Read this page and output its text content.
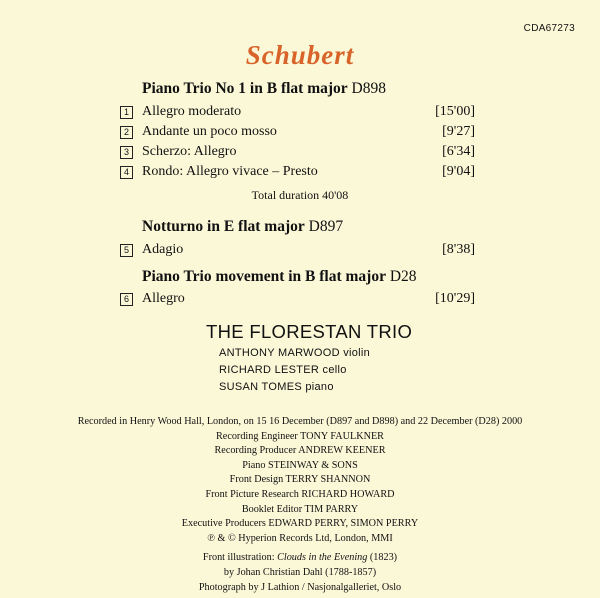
CDA67273
Schubert
Piano Trio No 1 in B flat major D898
1 Allegro moderato	[15'00]
2 Andante un poco mosso	[9'27]
3 Scherzo: Allegro	[6'34]
4 Rondo: Allegro vivace – Presto	[9'04]
Total duration 40'08
Notturno in E flat major D897
5 Adagio	[8'38]
Piano Trio movement in B flat major D28
6 Allegro	[10'29]
THE FLORESTAN TRIO
ANTHONY MARWOOD violin
RICHARD LESTER cello
SUSAN TOMES piano
Recorded in Henry Wood Hall, London, on 15 16 December (D897 and D898) and 22 December (D28) 2000
Recording Engineer TONY FAULKNER
Recording Producer ANDREW KEENER
Piano STEINWAY & SONS
Front Design TERRY SHANNON
Front Picture Research RICHARD HOWARD
Booklet Editor TIM PARRY
Executive Producers EDWARD PERRY, SIMON PERRY
℗ & © Hyperion Records Ltd, London, MMI
Front illustration: Clouds in the Evening (1823)
by Johan Christian Dahl (1788-1857)
Photograph by J Lathion / Nasjonalgalleriet, Oslo
